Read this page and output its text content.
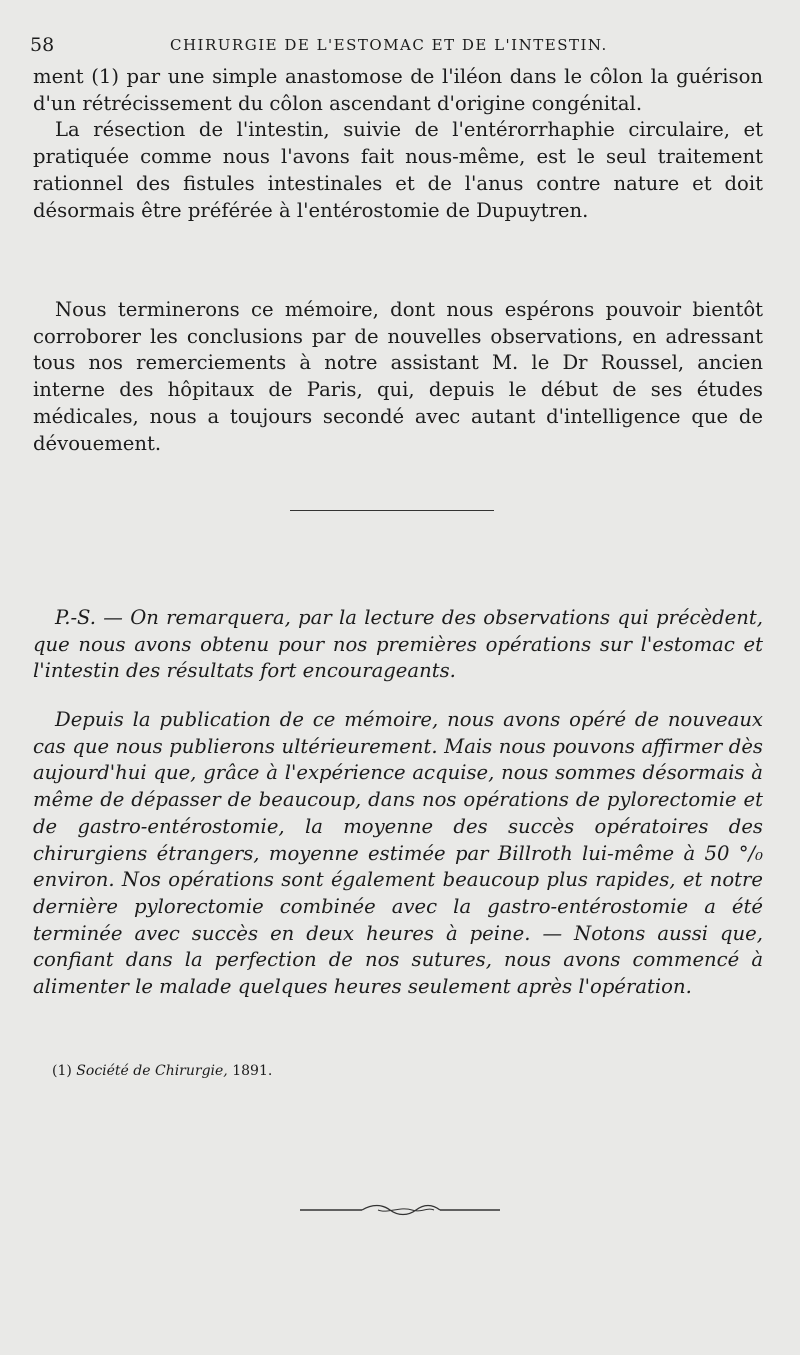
58	CHIRURGIE DE L'ESTOMAC ET DE L'INTESTIN.

ment (1) par une simple anastomose de l'iléon dans le côlon la guérison d'un rétrécissement du côlon ascendant d'origine congénital.

La résection de l'intestin, suivie de l'entérorrhaphie circulaire, et pratiquée comme nous l'avons fait nous-même, est le seul traitement rationnel des fistules intestinales et de l'anus contre nature et doit désormais être préférée à l'entérostomie de Dupuytren.

Nous terminerons ce mémoire, dont nous espérons pouvoir bientôt corroborer les conclusions par de nouvelles observations, en adressant tous nos remerciements à notre assistant M. le Dr Roussel, ancien interne des hôpitaux de Paris, qui, depuis le début de ses études médicales, nous a toujours secondé avec autant d'intelligence que de dévouement.

P.-S. — On remarquera, par la lecture des observations qui précèdent, que nous avons obtenu pour nos premières opérations sur l'estomac et l'intestin des résultats fort encourageants.

Depuis la publication de ce mémoire, nous avons opéré de nouveaux cas que nous publierons ultérieurement. Mais nous pouvons affirmer dès aujourd'hui que, grâce à l'expérience acquise, nous sommes désormais à même de dépasser de beaucoup, dans nos opérations de pylorectomie et de gastro-entérostomie, la moyenne des succès opératoires des chirurgiens étrangers, moyenne estimée par Billroth lui-même à 50 °/₀ environ. Nos opérations sont également beaucoup plus rapides, et notre dernière pylorectomie combinée avec la gastro-entérostomie a été terminée avec succès en deux heures à peine. — Notons aussi que, confiant dans la perfection de nos sutures, nous avons commencé à alimenter le malade quelques heures seulement après l'opération.

(1) Société de Chirurgie, 1891.
